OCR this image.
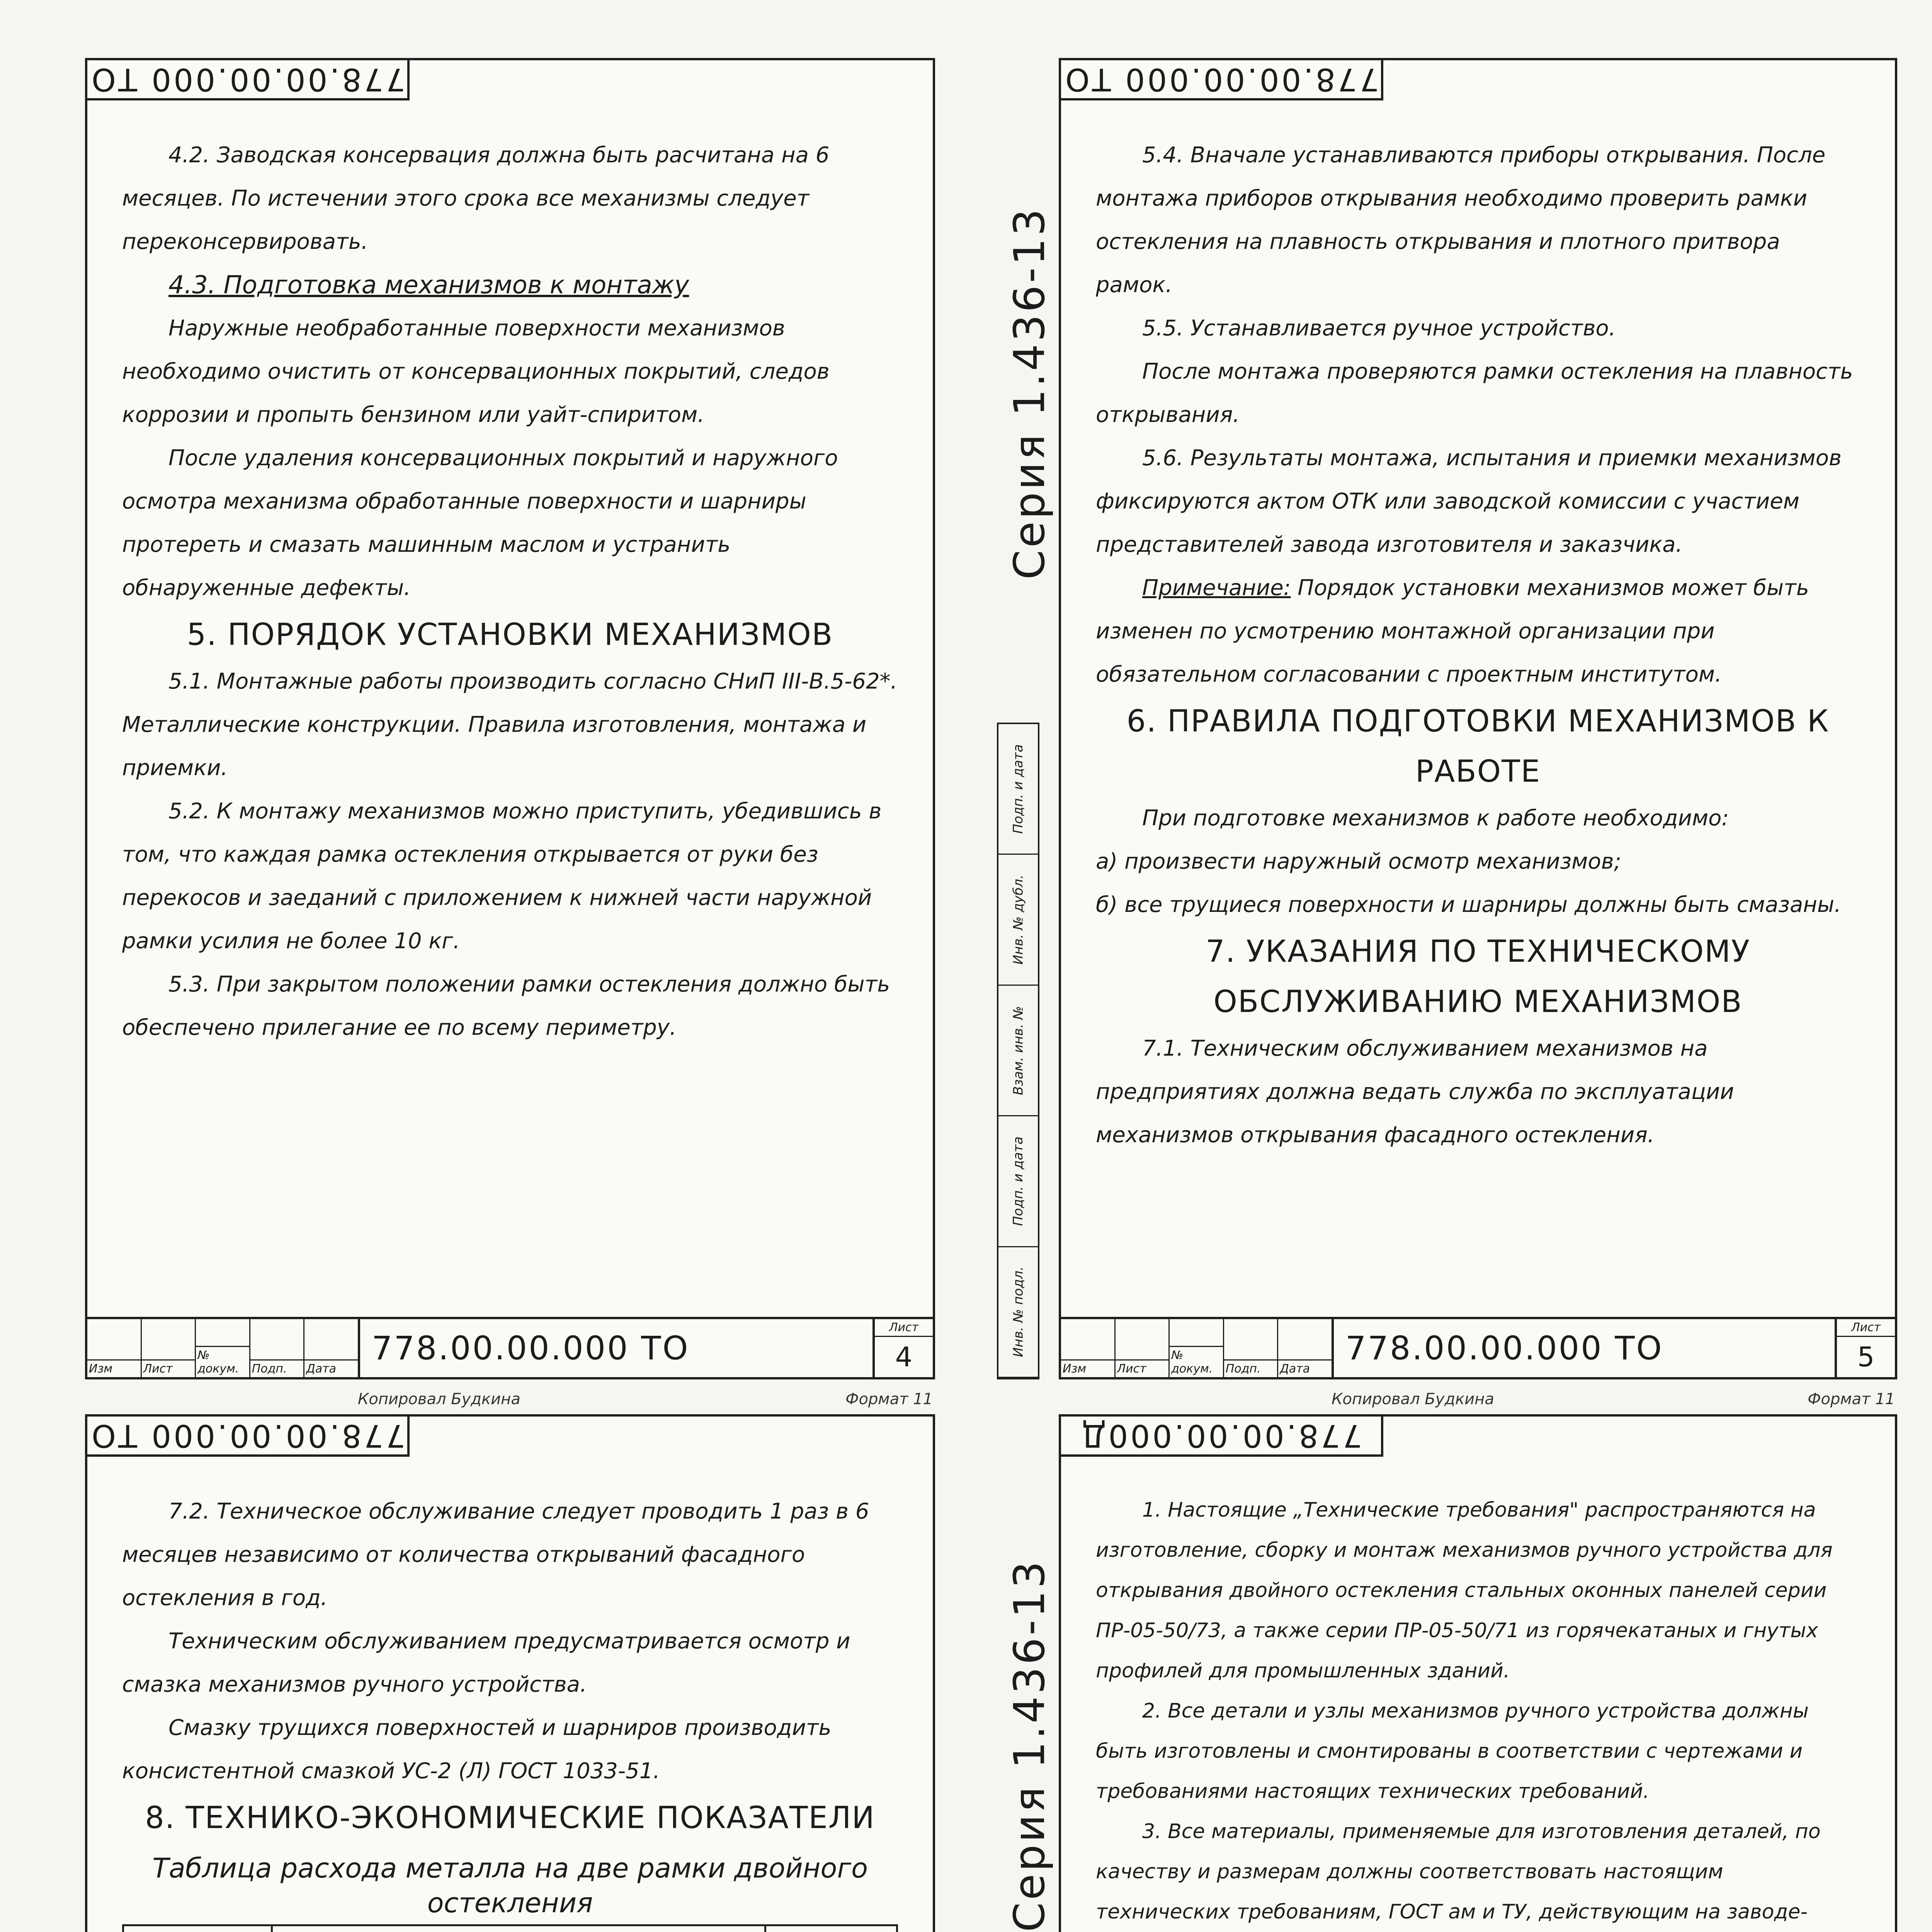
778.00.00.000 ТО

4.2. Заводская консервация должна быть расчитана на 6 месяцев. По истечении этого срока все механизмы следует переконсервировать.

4.3. Подготовка механизмов к монтажу

Наружные необработанные поверхности механизмов необходимо очистить от консервационных покрытий, следов коррозии и пропыть бензином или уайт-спиритом.

После удаления консервационных покрытий и наружного осмотра механизма обработанные поверхности и шарниры протереть и смазать машинным маслом и устранить обнаруженные дефекты.

5. ПОРЯДОК УСТАНОВКИ МЕХАНИЗМОВ

5.1. Монтажные работы производить согласно СНиП III-В.5-62*. Металлические конструкции. Правила изготовления, монтажа и приемки.

5.2. К монтажу механизмов можно приступить, убедившись в том, что каждая рамка остекления открывается от руки без перекосов и заеданий с приложением к нижней части наружной рамки усилия не более 10 кг.

5.3. При закрытом положении рамки остекления должно быть обеспечено прилегание ее по всему периметру.

Изм	Лист
№ докум.	Подп.	Дата
778.00.00.000 ТО
Лист
4
Копировал Будкина	Формат 11
Серия 1.436-13
Подп. и дата
Инв. № дубл.
Взам. инв. №
Подп. и дата
Инв. № подл.
778.00.00.000 ТО

5.4. Вначале устанавливаются приборы открывания. После монтажа приборов открывания необходимо проверить рамки остекления на плавность открывания и плотного притвора рамок.

5.5. Устанавливается ручное устройство.

После монтажа проверяются рамки остекления на плавность открывания.

5.6. Результаты монтажа, испытания и приемки механизмов фиксируются актом ОТК или заводской комиссии с участием представителей завода изготовителя и заказчика.

Примечание: Порядок установки механизмов может быть изменен по усмотрению монтажной организации при обязательном согласовании с проектным институтом.

6. ПРАВИЛА ПОДГОТОВКИ МЕХАНИЗМОВ К РАБОТЕ

При подготовке механизмов к работе необходимо:

а) произвести наружный осмотр механизмов;

б) все трущиеся поверхности и шарниры должны быть смазаны.

7. УКАЗАНИЯ ПО ТЕХНИЧЕСКОМУ ОБСЛУЖИВАНИЮ МЕХАНИЗМОВ

7.1. Техническим обслуживанием механизмов на предприятиях должна ведать служба по эксплуатации механизмов открывания фасадного остекления.

Изм	Лист
№ докум.	Подп.	Дата
778.00.00.000 ТО
Лист
5
Копировал Будкина	Формат 11
778.00.00.000 ТО

7.2. Техническое обслуживание следует проводить 1 раз в 6 месяцев независимо от количества открываний фасадного остекления в год.

Техническим обслуживанием предусматривается осмотр и смазка механизмов ручного устройства.

Смазку трущихся поверхностей и шарниров производить консистентной смазкой УС-2 (Л) ГОСТ 1033-51.

8. ТЕХНИКО-ЭКОНОМИЧЕСКИЕ ПОКАЗАТЕЛИ

Таблица расхода металла на две рамки двойного остекления

					Серия 1.436-13
778.00.00.000Д

1. Настоящие „Технические требования" распространяются на изготовление, сборку и монтаж механизмов ручного устройства для открывания двойного остекления стальных оконных панелей серии ПР-05-50/73, а также серии ПР-05-50/71 из горячекатаных и гнутых профилей для промышленных зданий.

2. Все детали и узлы механизмов ручного устройства должны быть изготовлены и смонтированы в соответствии с чертежами и требованиями настоящих технических требований.

3. Все материалы, применяемые для изготовления деталей, по качеству и размерам должны соответствовать настоящим технических требованиям, ГОСТ ам и ТУ, действующим на заводе-
